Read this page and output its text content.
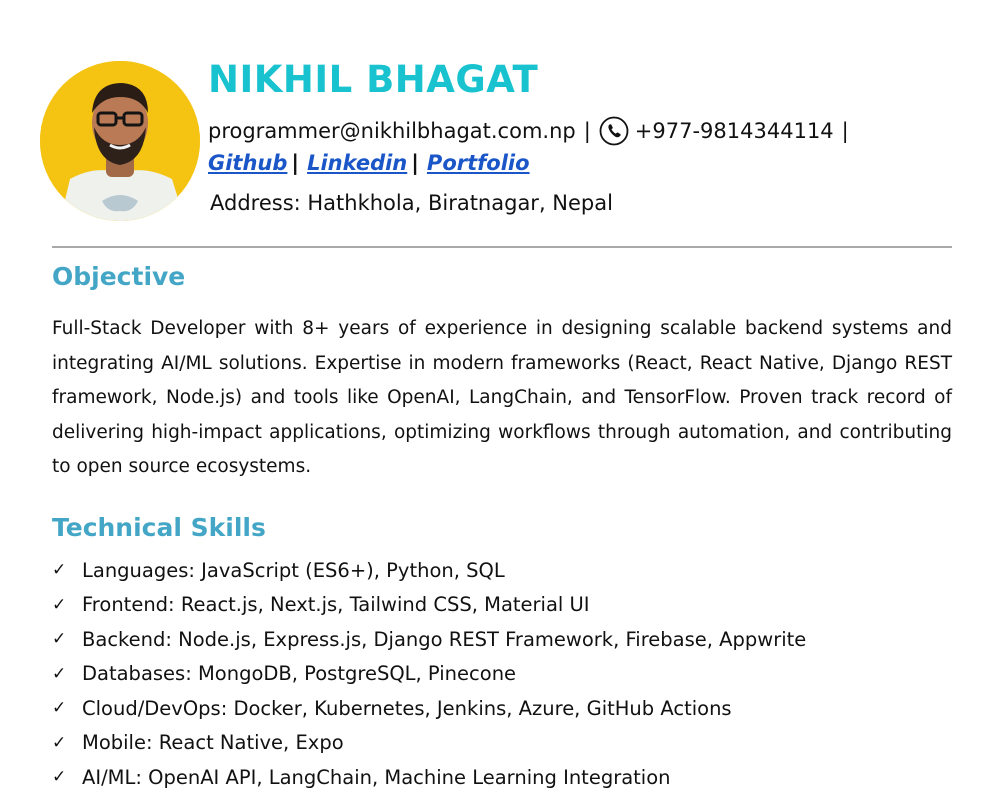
NIKHIL BHAGAT
programmer@nikhilbhagat.com.np | +977-9814344114 |
Github | Linkedin | Portfolio
Address: Hathkhola, Biratnagar, Nepal
Objective
Full-Stack Developer with 8+ years of experience in designing scalable backend systems and integrating AI/ML solutions. Expertise in modern frameworks (React, React Native, Django REST framework, Node.js) and tools like OpenAI, LangChain, and TensorFlow. Proven track record of delivering high-impact applications, optimizing workflows through automation, and contributing to open source ecosystems.
Technical Skills
✓ Languages: JavaScript (ES6+), Python, SQL
✓ Frontend: React.js, Next.js, Tailwind CSS, Material UI
✓ Backend: Node.js, Express.js, Django REST Framework, Firebase, Appwrite
✓ Databases: MongoDB, PostgreSQL, Pinecone
✓ Cloud/DevOps: Docker, Kubernetes, Jenkins, Azure, GitHub Actions
✓ Mobile: React Native, Expo
✓ AI/ML: OpenAI API, LangChain, Machine Learning Integration
